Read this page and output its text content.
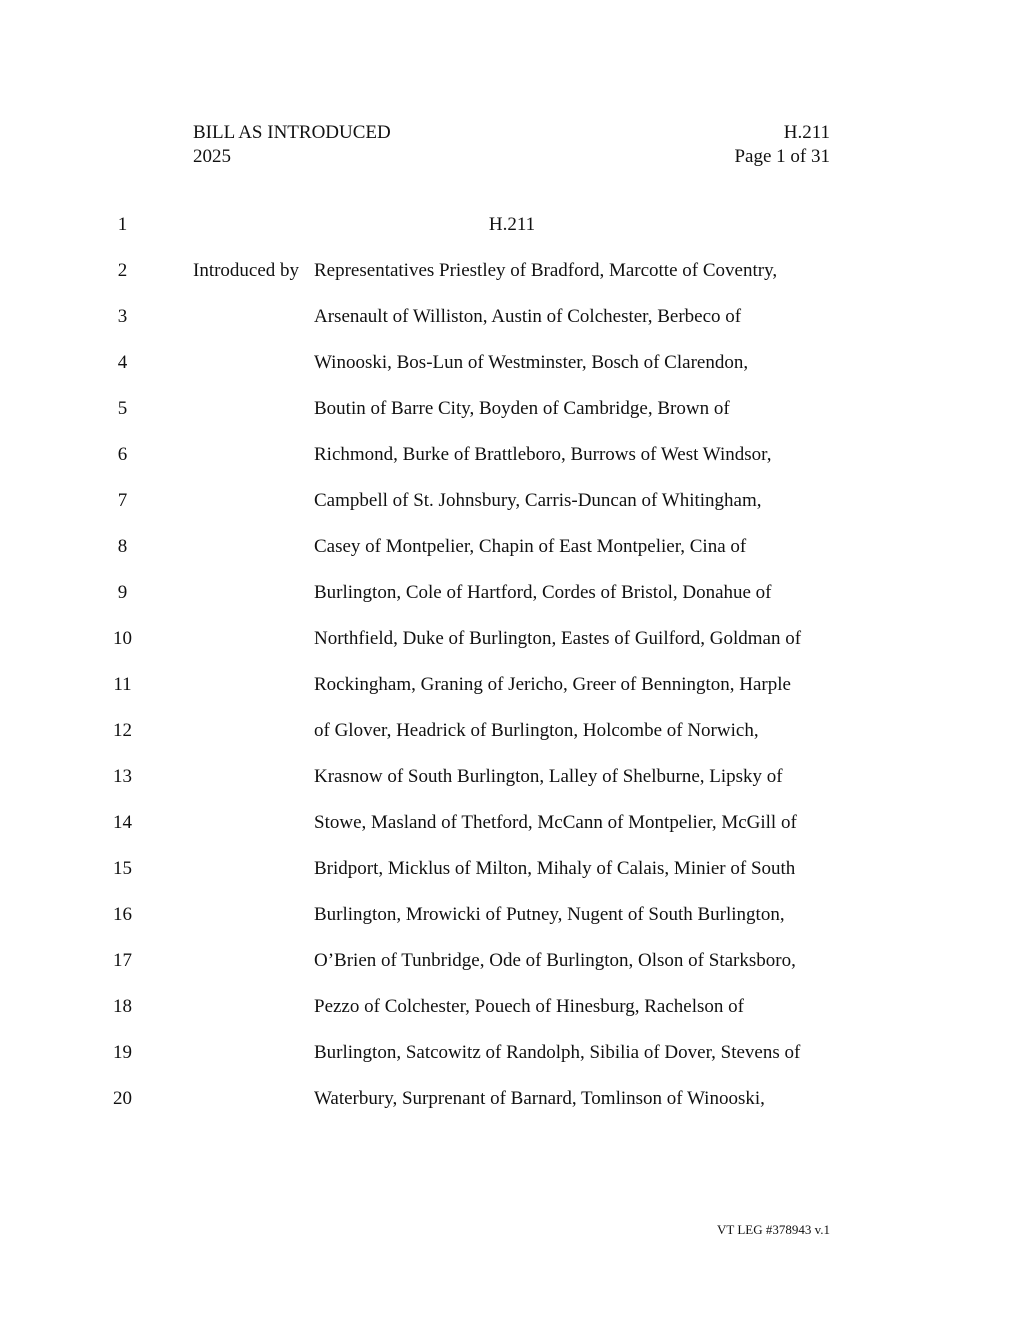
BILL AS INTRODUCED
2025
H.211
Page 1 of 31
1	H.211
2	Introduced by Representatives Priestley of Bradford, Marcotte of Coventry,
3	Arsenault of Williston, Austin of Colchester, Berbeco of
4	Winooski, Bos-Lun of Westminster, Bosch of Clarendon,
5	Boutin of Barre City, Boyden of Cambridge, Brown of
6	Richmond, Burke of Brattleboro, Burrows of West Windsor,
7	Campbell of St. Johnsbury, Carris-Duncan of Whitingham,
8	Casey of Montpelier, Chapin of East Montpelier, Cina of
9	Burlington, Cole of Hartford, Cordes of Bristol, Donahue of
10	Northfield, Duke of Burlington, Eastes of Guilford, Goldman of
11	Rockingham, Graning of Jericho, Greer of Bennington, Harple
12	of Glover, Headrick of Burlington, Holcombe of Norwich,
13	Krasnow of South Burlington, Lalley of Shelburne, Lipsky of
14	Stowe, Masland of Thetford, McCann of Montpelier, McGill of
15	Bridport, Micklus of Milton, Mihaly of Calais, Minier of South
16	Burlington, Mrowicki of Putney, Nugent of South Burlington,
17	O’Brien of Tunbridge, Ode of Burlington, Olson of Starksboro,
18	Pezzo of Colchester, Pouech of Hinesburg, Rachelson of
19	Burlington, Satcowitz of Randolph, Sibilia of Dover, Stevens of
20	Waterbury, Surprenant of Barnard, Tomlinson of Winooski,
VT LEG #378943 v.1
